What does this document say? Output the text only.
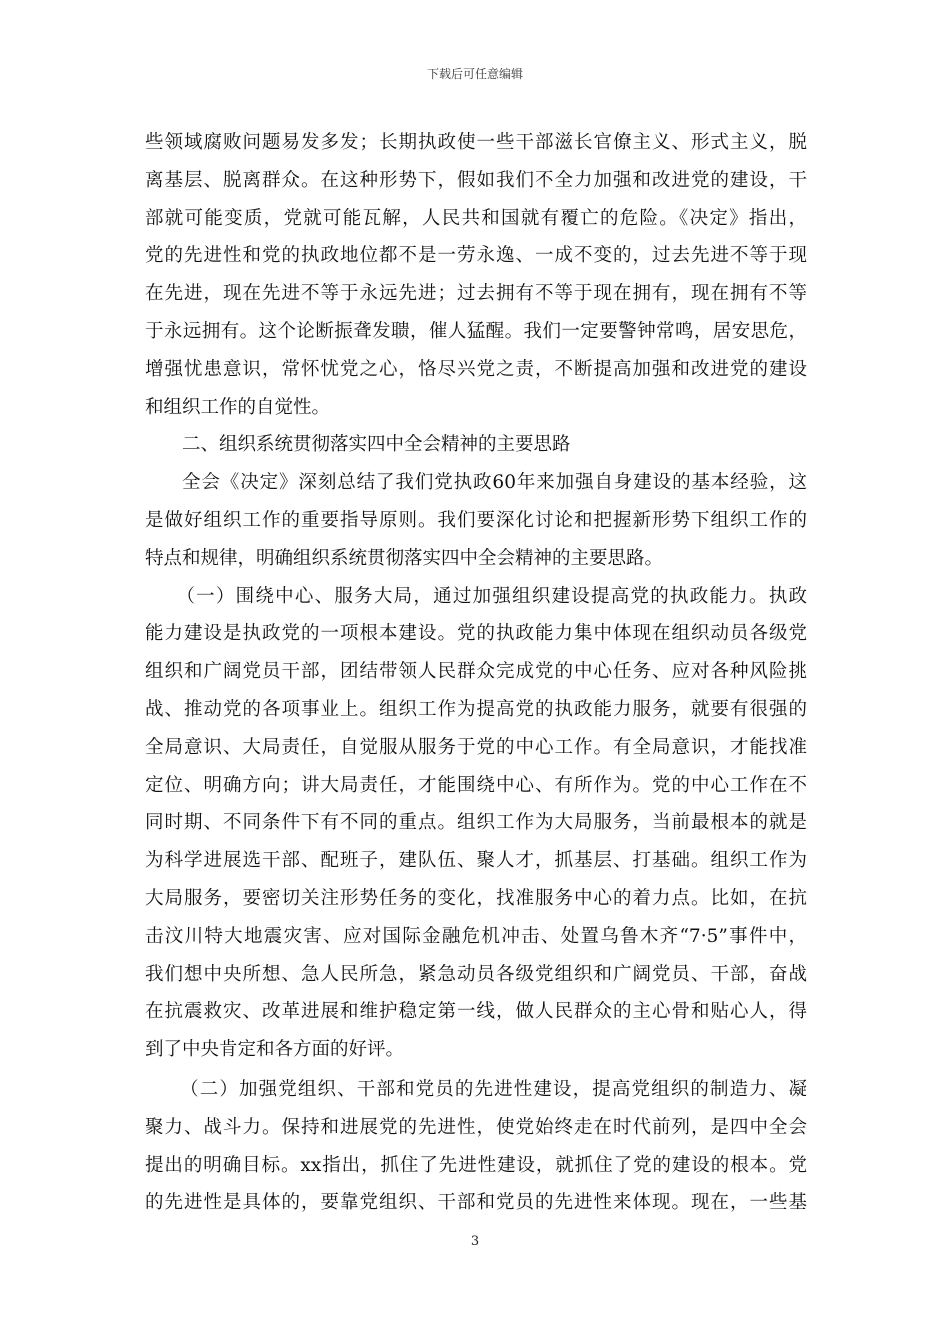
下载后可任意编辑
些领域腐败问题易发多发；长期执政使一些干部滋长官僚主义、形式主义，脱
离基层、脱离群众。在这种形势下，假如我们不全力加强和改进党的建设，干
部就可能变质，党就可能瓦解，人民共和国就有覆亡的危险。《决定》指出，
党的先进性和党的执政地位都不是一劳永逸、一成不变的，过去先进不等于现
在先进，现在先进不等于永远先进；过去拥有不等于现在拥有，现在拥有不等
于永远拥有。这个论断振聋发聩，催人猛醒。我们一定要警钟常鸣，居安思危，
增强忧患意识，常怀忧党之心，恪尽兴党之责，不断提高加强和改进党的建设
和组织工作的自觉性。
二、组织系统贯彻落实四中全会精神的主要思路
全会《决定》深刻总结了我们党执政60年来加强自身建设的基本经验，这
是做好组织工作的重要指导原则。我们要深化讨论和把握新形势下组织工作的
特点和规律，明确组织系统贯彻落实四中全会精神的主要思路。
（一）围绕中心、服务大局，通过加强组织建设提高党的执政能力。执政
能力建设是执政党的一项根本建设。党的执政能力集中体现在组织动员各级党
组织和广阔党员干部，团结带领人民群众完成党的中心任务、应对各种风险挑
战、推动党的各项事业上。组织工作为提高党的执政能力服务，就要有很强的
全局意识、大局责任，自觉服从服务于党的中心工作。有全局意识，才能找准
定位、明确方向；讲大局责任，才能围绕中心、有所作为。党的中心工作在不
同时期、不同条件下有不同的重点。组织工作为大局服务，当前最根本的就是
为科学进展选干部、配班子，建队伍、聚人才，抓基层、打基础。组织工作为
大局服务，要密切关注形势任务的变化，找准服务中心的着力点。比如，在抗
击汶川特大地震灾害、应对国际金融危机冲击、处置乌鲁木齐“7·5”事件中，
我们想中央所想、急人民所急，紧急动员各级党组织和广阔党员、干部，奋战
在抗震救灾、改革进展和维护稳定第一线，做人民群众的主心骨和贴心人，得
到了中央肯定和各方面的好评。
（二）加强党组织、干部和党员的先进性建设，提高党组织的制造力、凝
聚力、战斗力。保持和进展党的先进性，使党始终走在时代前列，是四中全会
提出的明确目标。xx指出，抓住了先进性建设，就抓住了党的建设的根本。党
的先进性是具体的，要靠党组织、干部和党员的先进性来体现。现在，一些基
3
